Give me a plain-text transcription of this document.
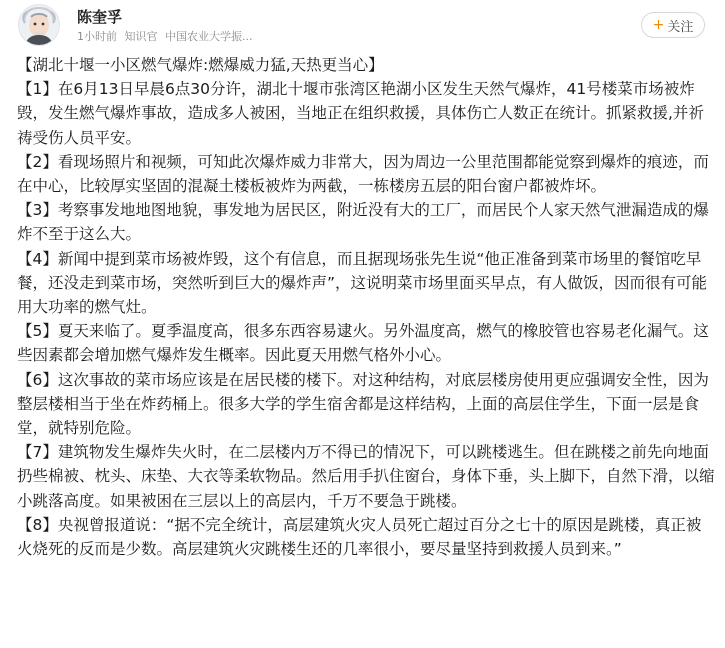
陈奎孚
1小时前 知识官 中国农业大学振...
+ 关注

【湖北十堰一小区燃气爆炸:燃爆威力猛,天热更当心】

【1】在6月13日早晨6点30分许，湖北十堰市张湾区艳湖小区发生天然气爆炸，41号楼菜市场被炸毁，发生燃气爆炸事故，造成多人被困，当地正在组织救援，具体伤亡人数正在统计。抓紧救援,并祈祷受伤人员平安。

【2】看现场照片和视频，可知此次爆炸威力非常大，因为周边一公里范围都能觉察到爆炸的痕迹，而在中心，比较厚实坚固的混凝土楼板被炸为两截，一栋楼房五层的阳台窗户都被炸坏。

【3】考察事发地地图地貌，事发地为居民区，附近没有大的工厂，而居民个人家天然气泄漏造成的爆炸不至于这么大。

【4】新闻中提到菜市场被炸毁，这个有信息，而且据现场张先生说“他正准备到菜市场里的餐馆吃早餐，还没走到菜市场，突然听到巨大的爆炸声”，这说明菜市场里面买早点，有人做饭，因而很有可能用大功率的燃气灶。

【5】夏天来临了。夏季温度高，很多东西容易逮火。另外温度高，燃气的橡胶管也容易老化漏气。这些因素都会增加燃气爆炸发生概率。因此夏天用燃气格外小心。

【6】这次事故的菜市场应该是在居民楼的楼下。对这种结构，对底层楼房使用更应强调安全性，因为整层楼相当于坐在炸药桶上。很多大学的学生宿舍都是这样结构，上面的高层住学生，下面一层是食堂，就特别危险。

【7】建筑物发生爆炸失火时，在二层楼内万不得已的情况下，可以跳楼逃生。但在跳楼之前先向地面扔些棉被、枕头、床垫、大衣等柔软物品。然后用手扒住窗台，身体下垂，头上脚下，自然下滑，以缩小跳落高度。如果被困在三层以上的高层内，千万不要急于跳楼。

【8】央视曾报道说：“据不完全统计，高层建筑火灾人员死亡超过百分之七十的原因是跳楼，真正被火烧死的反而是少数。高层建筑火灾跳楼生还的几率很小，要尽量坚持到救援人员到来。”
